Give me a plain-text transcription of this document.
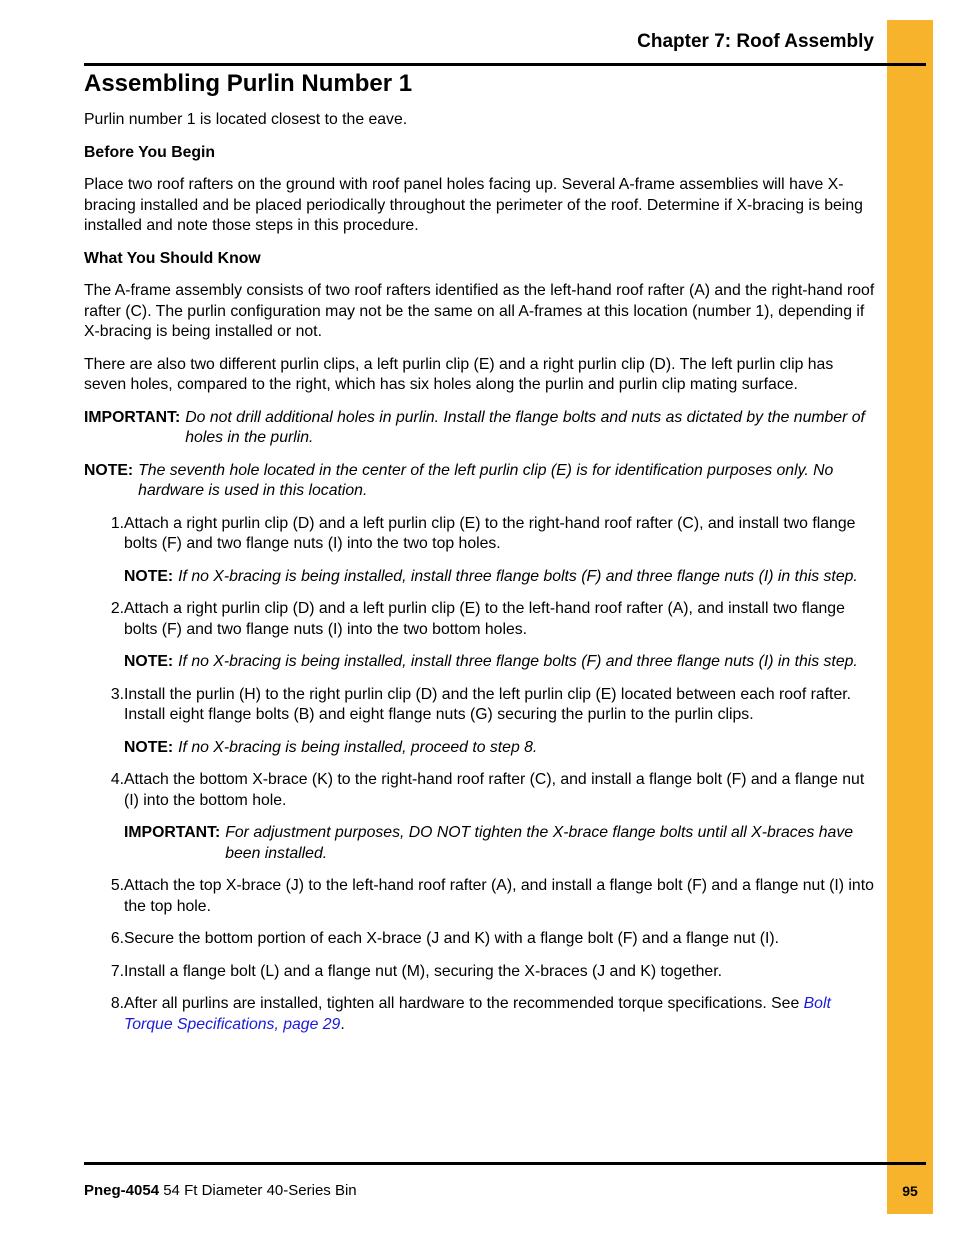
Chapter 7: Roof Assembly
Assembling Purlin Number 1

Purlin number 1 is located closest to the eave.

Before You Begin

Place two roof rafters on the ground with roof panel holes facing up. Several A-frame assemblies will have X-bracing installed and be placed periodically throughout the perimeter of the roof. Determine if X-bracing is being installed and note those steps in this procedure.

What You Should Know

The A-frame assembly consists of two roof rafters identified as the left-hand roof rafter (A) and the right-hand roof rafter (C). The purlin configuration may not be the same on all A-frames at this location (number 1), depending if X-bracing is being installed or not.

There are also two different purlin clips, a left purlin clip (E) and a right purlin clip (D). The left purlin clip has seven holes, compared to the right, which has six holes along the purlin and purlin clip mating surface.

IMPORTANT: Do not drill additional holes in purlin. Install the flange bolts and nuts as dictated by the number of holes in the purlin.
NOTE: The seventh hole located in the center of the left purlin clip (E) is for identification purposes only. No hardware is used in this location.
1. Attach a right purlin clip (D) and a left purlin clip (E) to the right-hand roof rafter (C), and install two flange bolts (F) and two flange nuts (I) into the two top holes.
NOTE: If no X-bracing is being installed, install three flange bolts (F) and three flange nuts (I) in this step.
2. Attach a right purlin clip (D) and a left purlin clip (E) to the left-hand roof rafter (A), and install two flange bolts (F) and two flange nuts (I) into the two bottom holes.
NOTE: If no X-bracing is being installed, install three flange bolts (F) and three flange nuts (I) in this step.
3. Install the purlin (H) to the right purlin clip (D) and the left purlin clip (E) located between each roof rafter. Install eight flange bolts (B) and eight flange nuts (G) securing the purlin to the purlin clips.
NOTE: If no X-bracing is being installed, proceed to step 8.
4. Attach the bottom X-brace (K) to the right-hand roof rafter (C), and install a flange bolt (F) and a flange nut (I) into the bottom hole.
IMPORTANT: For adjustment purposes, DO NOT tighten the X-brace flange bolts until all X-braces have been installed.
5. Attach the top X-brace (J) to the left-hand roof rafter (A), and install a flange bolt (F) and a flange nut (I) into the top hole.
6. Secure the bottom portion of each X-brace (J and K) with a flange bolt (F) and a flange nut (I).
7. Install a flange bolt (L) and a flange nut (M), securing the X-braces (J and K) together.
8. After all purlins are installed, tighten all hardware to the recommended torque specifications. See Bolt Torque Specifications, page 29.
Pneg-4054 54 Ft Diameter 40-Series Bin	95
